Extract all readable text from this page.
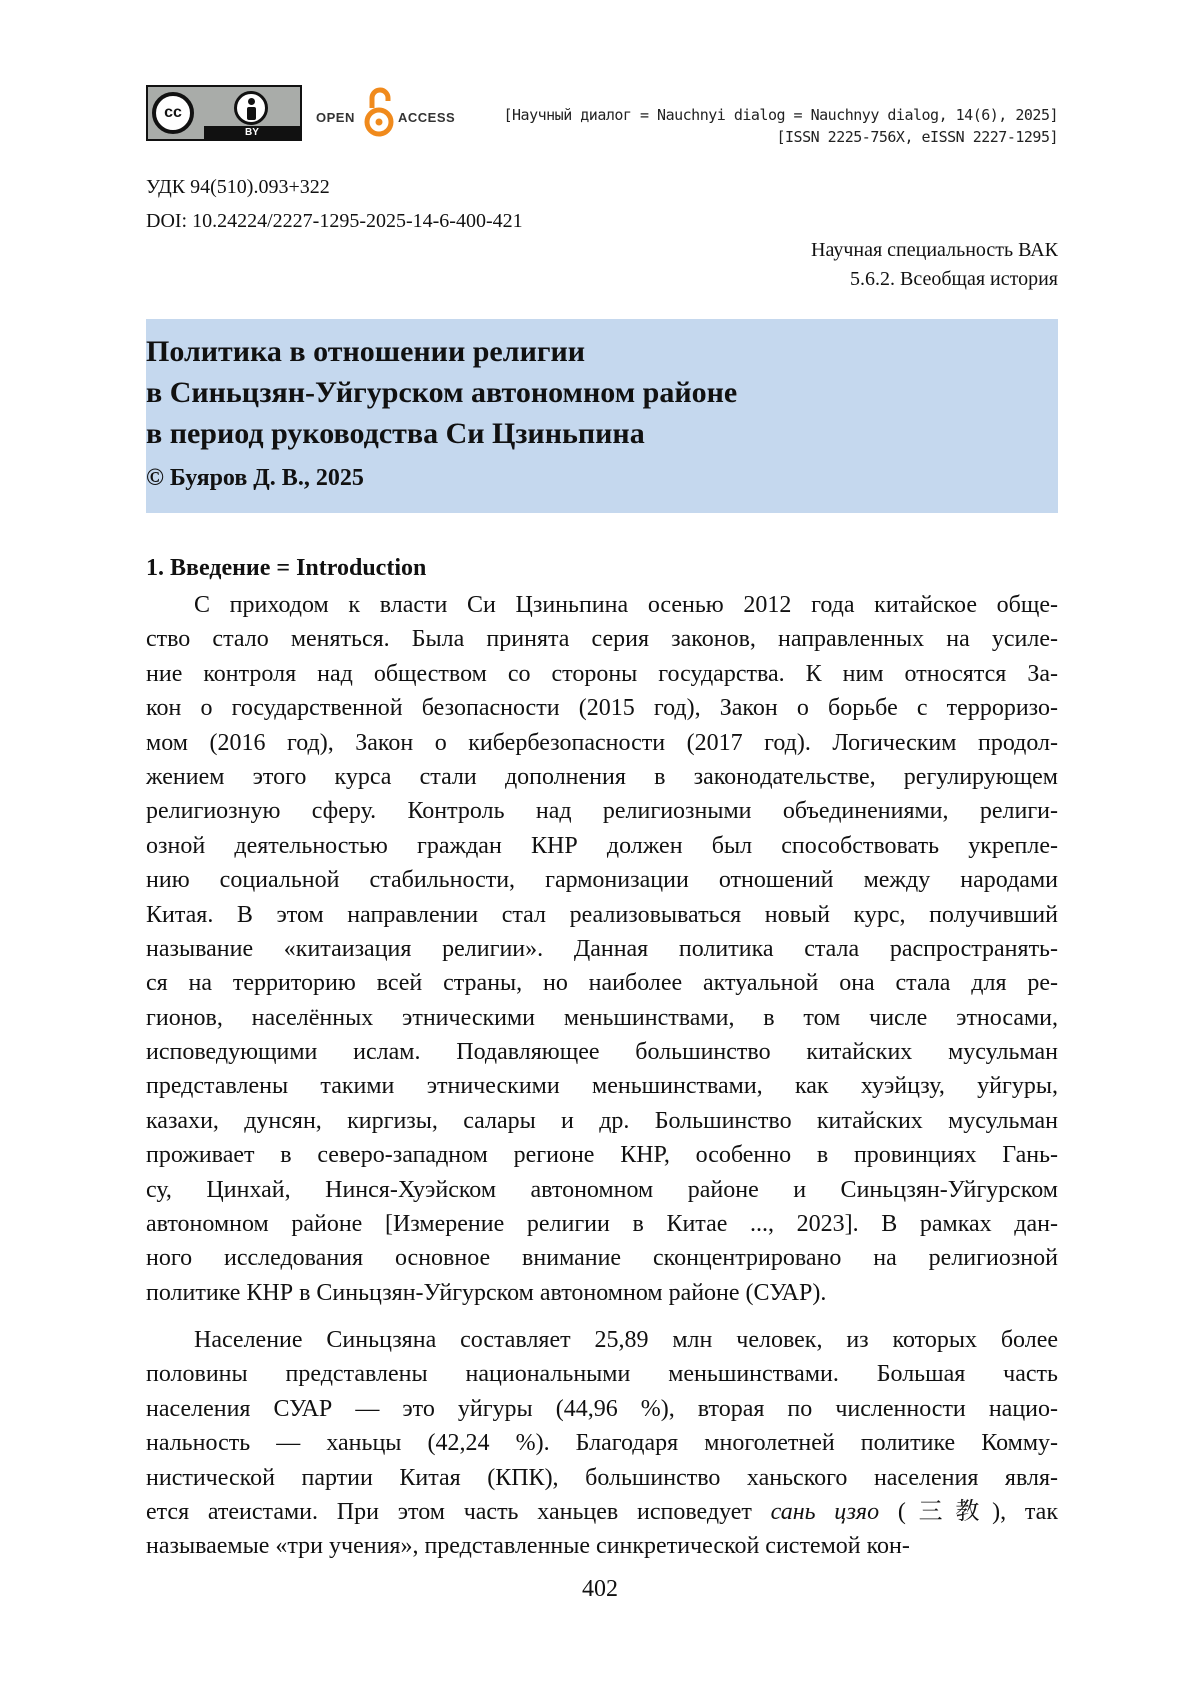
cc
BY
OPEN	ACCESS	[Научный диалог = Nauchnyi dialog = Nauchnyy dialog, 14(6), 2025]
[ISSN 2225-756X, eISSN 2227-1295]
УДК 94(510).093+322
DOI: 10.24224/2227-1295-2025-14-6-400-421
Научная специальность ВАК
5.6.2. Всеобщая история
Политика в отношении религии
в Синьцзян-Уйгурском автономном районе
в период руководства Си Цзиньпина
© Буяров Д. В., 2025
1. Введение = Introduction
С приходом к власти Си Цзиньпина осенью 2012 года китайское обще-
ство стало меняться. Была принята серия законов, направленных на усиле-
ние контроля над обществом со стороны государства. К ним относятся За-
кон о государственной безопасности (2015 год), Закон о борьбе с терроризо-
мом (2016 год), Закон о кибербезопасности (2017 год). Логическим продол-
жением этого курса стали дополнения в законодательстве, регулирующем
религиозную сферу. Контроль над религиозными объединениями, религи-
озной деятельностью граждан КНР должен был способствовать укрепле-
нию социальной стабильности, гармонизации отношений между народами
Китая. В этом направлении стал реализовываться новый курс, получивший
называние «китаизация религии». Данная политика стала распространять-
ся на территорию всей страны, но наиболее актуальной она стала для ре-
гионов, населённых этническими меньшинствами, в том числе этносами,
исповедующими ислам. Подавляющее большинство китайских мусульман
представлены такими этническими меньшинствами, как хуэйцзу, уйгуры,
казахи, дунсян, киргизы, салары и др. Большинство китайских мусульман
проживает в северо-западном регионе КНР, особенно в провинциях Гань-
су, Цинхай, Нинся-Хуэйском автономном районе и Синьцзян-Уйгурском
автономном районе [Измерение религии в Китае ..., 2023]. В рамках дан-
ного исследования основное внимание сконцентрировано на религиозной
политике КНР в Синьцзян-Уйгурском автономном районе (СУАР).
Население Синьцзяна составляет 25,89 млн человек, из которых более
половины представлены национальными меньшинствами. Большая часть
населения СУАР — это уйгуры (44,96 %), вторая по численности нацио-
нальность — ханьцы (42,24 %). Благодаря многолетней политике Комму-
нистической партии Китая (КПК), большинство ханьского населения явля-
ется атеистами. При этом часть ханьцев исповедует сань цзяо (三教), так
называемые «три учения», представленные синкретической системой кон-
402
